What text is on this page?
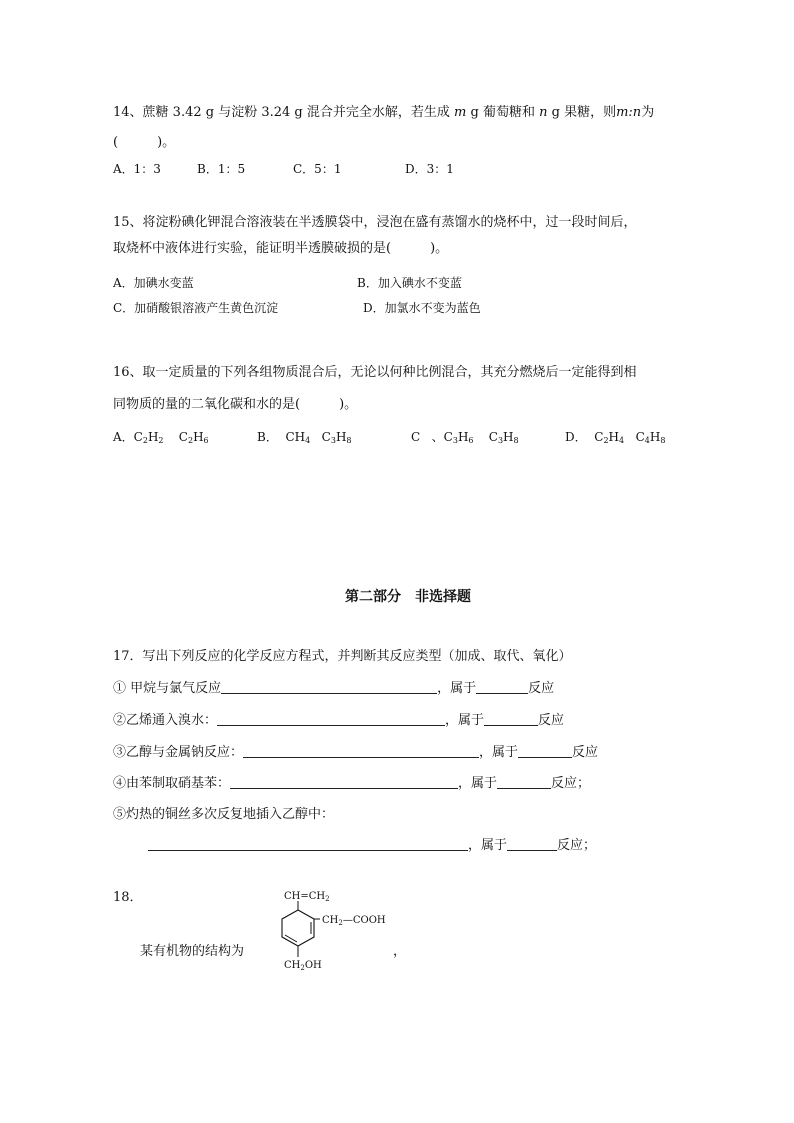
14、蔗糖 3.42 g 与淀粉 3.24 g 混合并完全水解，若生成 m g 葡萄糖和 n g 果糖，则m:n为
(　　　)。
A．1：3	B．1：5	C．5：1	D．3：1
15、将淀粉碘化钾混合溶液装在半透膜袋中，浸泡在盛有蒸馏水的烧杯中，过一段时间后，
取烧杯中液体进行实验，能证明半透膜破损的是(　　　)。
A．加碘水变蓝	B．加入碘水不变蓝
C．加硝酸银溶液产生黄色沉淀	D．加氯水不变为蓝色
16、取一定质量的下列各组物质混合后，无论以何种比例混合，其充分燃烧后一定能得到相
同物质的量的二氧化碳和水的是(　　　)。
A．$C_2H_2$ $C_2H_6$	B． $CH_4$ $C_3H_8$	C 、$C_3H_6$ $C_3H_8$	D． $C_2H_4$ $C_4H_8$
第二部分　非选择题
17．写出下列反应的化学反应方程式，并判断其反应类型（加成、取代、氧化）
① 甲烷与氯气反应	，属于	反应
②乙烯通入溴水：	，属于	反应
③乙醇与金属钠反应：	，属于	反应
④由苯制取硝基苯：	，属于	反应；
⑤灼热的铜丝多次反复地插入乙醇中：
，属于	反应；
18．
某有机物的结构为
$CH=CH_2$
$CH_2—COOH$
$CH_2OH$
，
